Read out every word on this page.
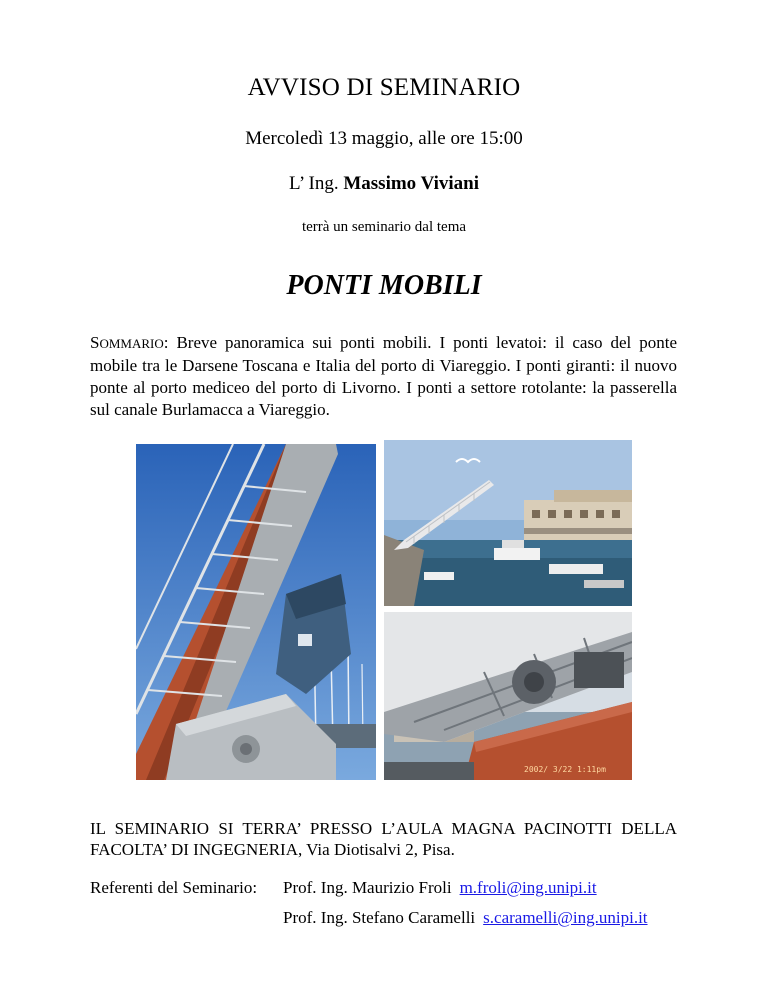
AVVISO DI SEMINARIO
Mercoledì 13 maggio, alle ore 15:00
L’ Ing. Massimo Viviani
terrà un seminario dal tema
PONTI MOBILI
SOMMARIO: Breve panoramica sui ponti mobili. I ponti levatoi: il caso del ponte mobile tra le Darsene Toscana e Italia del porto di Viareggio. I ponti giranti: il nuovo ponte al porto mediceo del porto di Livorno. I ponti a settore rotolante: la passerella sul canale Burlamacca a Viareggio.
2002/ 3/22 1:11pm
IL SEMINARIO SI TERRA’ PRESSO L’AULA MAGNA PACINOTTI DELLA FACOLTA’ DI INGEGNERIA, Via Diotisalvi 2, Pisa.
Referenti del Seminario:	Prof. Ing. Maurizio Froli m.froli@ing.unipi.it
Prof. Ing. Stefano Caramelli s.caramelli@ing.unipi.it
